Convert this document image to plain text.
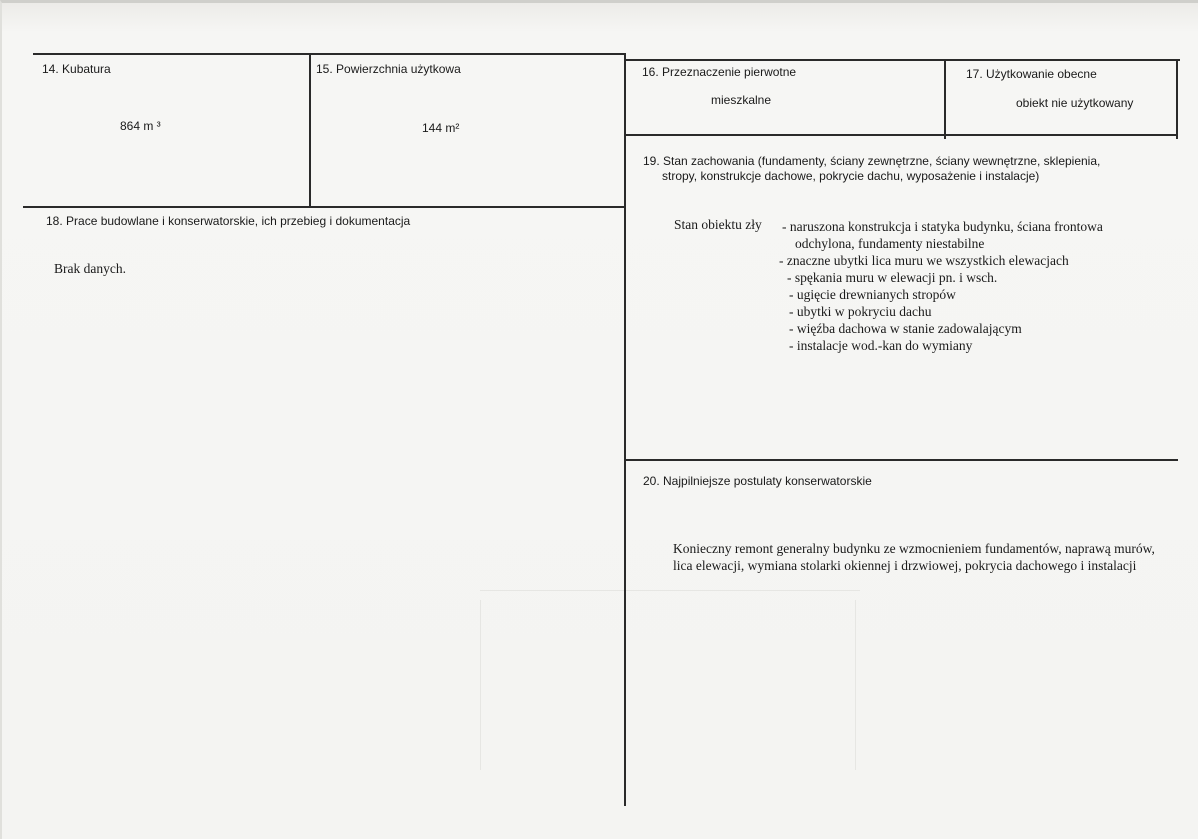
14. Kubatura
864 m ³
15. Powierzchnia użytkowa
144 m²
16. Przeznaczenie pierwotne
mieszkalne
17. Użytkowanie obecne
obiekt nie użytkowany
18. Prace budowlane i konserwatorskie, ich przebieg i dokumentacja
Brak danych.
19. Stan zachowania (fundamenty, ściany zewnętrzne, ściany wewnętrzne, sklepienia,
stropy, konstrukcje dachowe, pokrycie dachu, wyposażenie i instalacje)
Stan obiektu zły - naruszona konstrukcja i statyka budynku, ściana frontowa
odchylona, fundamenty niestabilne
- znaczne ubytki lica muru we wszystkich elewacjach
- spękania muru w elewacji pn. i wsch.
- ugięcie drewnianych stropów
- ubytki w pokryciu dachu
- więźba dachowa w stanie zadowalającym
- instalacje wod.-kan do wymiany
20. Najpilniejsze postulaty konserwatorskie
Konieczny remont generalny budynku ze wzmocnieniem fundamentów, naprawą murów,
lica elewacji, wymiana stolarki okiennej i drzwiowej, pokrycia dachowego i instalacji
